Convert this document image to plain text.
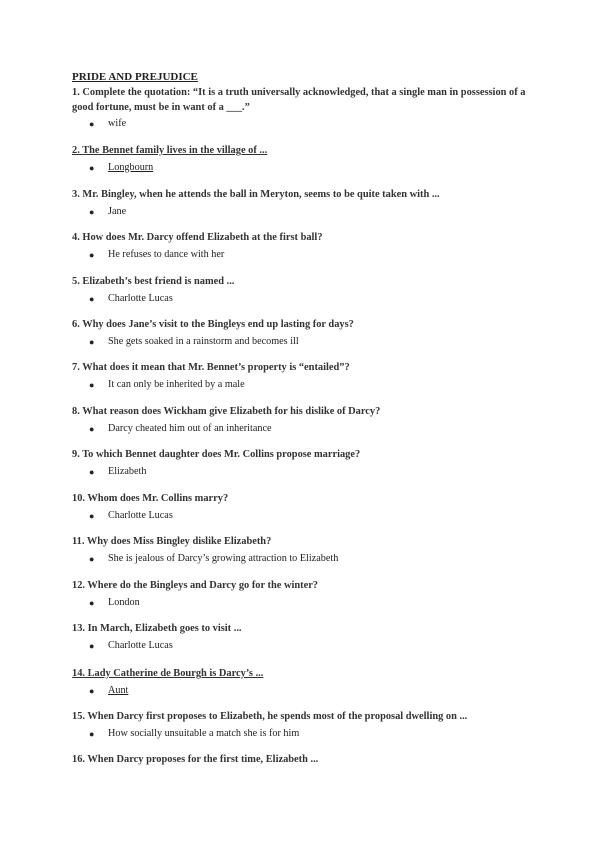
PRIDE AND PREJUDICE
1. Complete the quotation: “It is a truth universally acknowledged, that a single man in possession of a good fortune, must be in want of a ___.”
● wife
2. The Bennet family lives in the village of ...
● Longbourn
3. Mr. Bingley, when he attends the ball in Meryton, seems to be quite taken with ...
● Jane
4. How does Mr. Darcy offend Elizabeth at the first ball?
● He refuses to dance with her
5. Elizabeth’s best friend is named ...
● Charlotte Lucas
6. Why does Jane’s visit to the Bingleys end up lasting for days?
● She gets soaked in a rainstorm and becomes ill
7. What does it mean that Mr. Bennet’s property is “entailed”?
● It can only be inherited by a male
8. What reason does Wickham give Elizabeth for his dislike of Darcy?
● Darcy cheated him out of an inheritance
9. To which Bennet daughter does Mr. Collins propose marriage?
● Elizabeth
10. Whom does Mr. Collins marry?
● Charlotte Lucas
11. Why does Miss Bingley dislike Elizabeth?
● She is jealous of Darcy’s growing attraction to Elizabeth
12. Where do the Bingleys and Darcy go for the winter?
● London
13. In March, Elizabeth goes to visit ...
● Charlotte Lucas
14. Lady Catherine de Bourgh is Darcy’s ...
● Aunt
15. When Darcy first proposes to Elizabeth, he spends most of the proposal dwelling on ...
● How socially unsuitable a match she is for him
16. When Darcy proposes for the first time, Elizabeth ...
